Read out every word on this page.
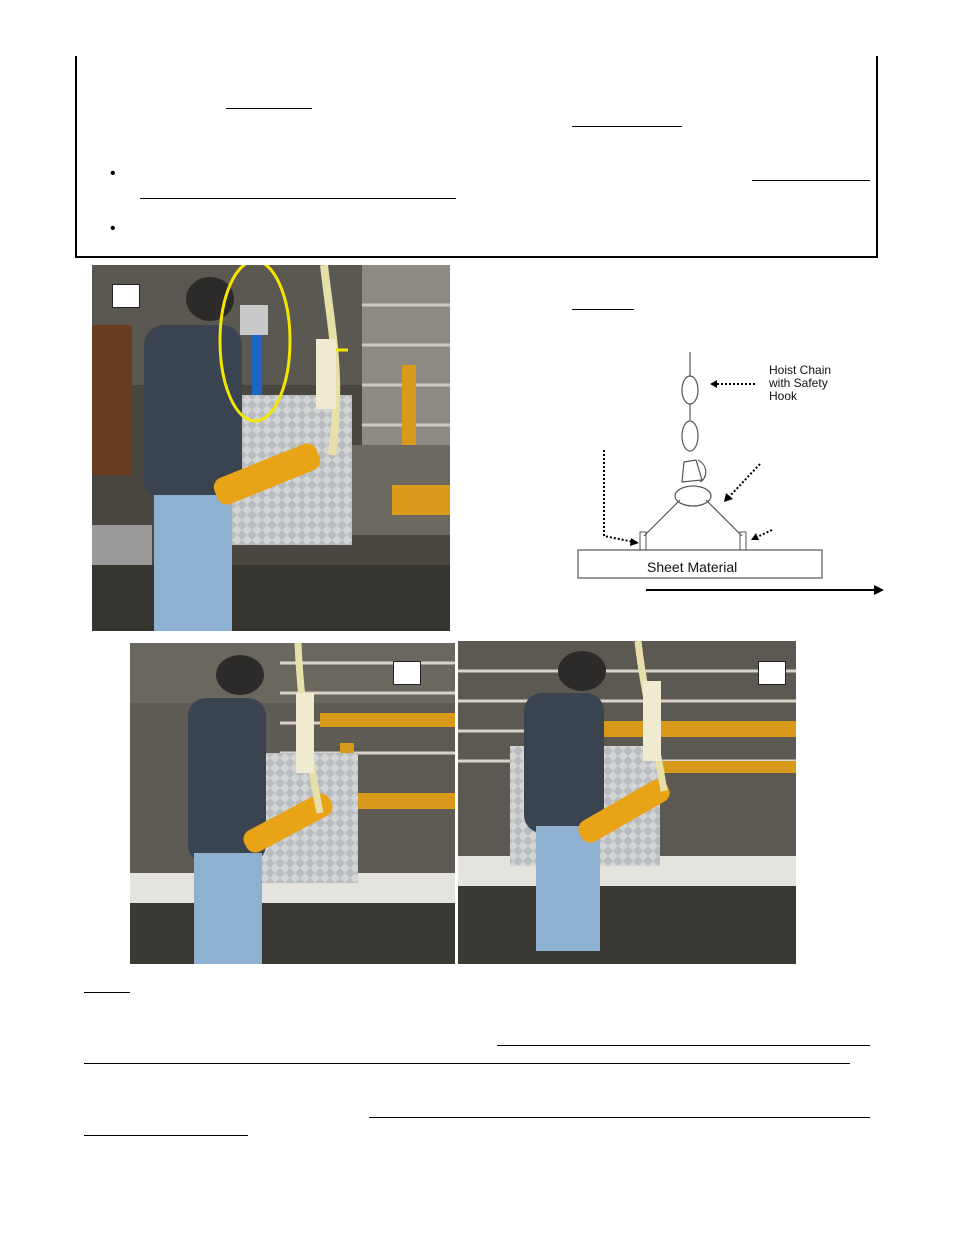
•
•
Hoist Chain
with Safety
Hook
Sheet Material
